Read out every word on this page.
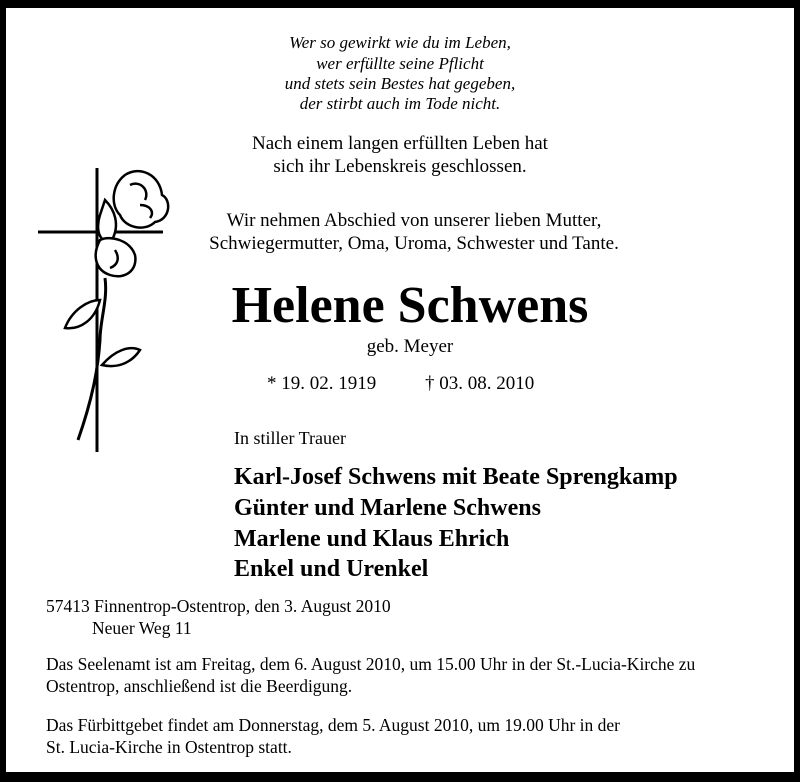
Wer so gewirkt wie du im Leben,
wer erfüllte seine Pflicht
und stets sein Bestes hat gegeben,
der stirbt auch im Tode nicht.
Nach einem langen erfüllten Leben hat
sich ihr Lebenskreis geschlossen.
Wir nehmen Abschied von unserer lieben Mutter,
Schwiegermutter, Oma, Uroma, Schwester und Tante.
Helene Schwens
geb. Meyer
* 19. 02. 1919	† 03. 08. 2010
In stiller Trauer
Karl-Josef Schwens mit Beate Sprengkamp
Günter und Marlene Schwens
Marlene und Klaus Ehrich
Enkel und Urenkel
57413 Finnentrop-Ostentrop, den 3. August 2010
Neuer Weg 11
Das Seelenamt ist am Freitag, dem 6. August 2010, um 15.00 Uhr in der St.-Lucia-Kirche zu
Ostentrop, anschließend ist die Beerdigung.
Das Fürbittgebet findet am Donnerstag, dem 5. August 2010, um 19.00 Uhr in der
St. Lucia-Kirche in Ostentrop statt.
